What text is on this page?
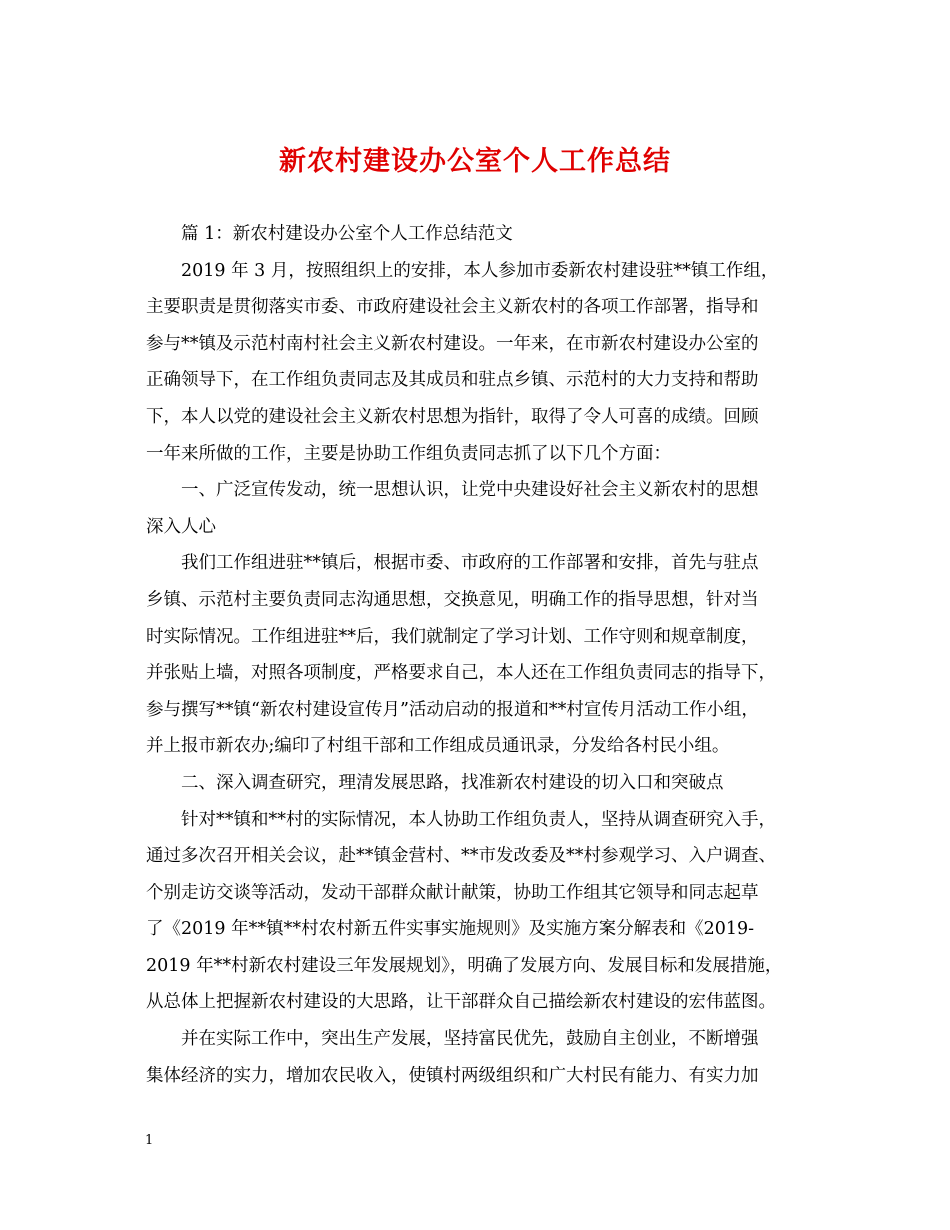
新农村建设办公室个人工作总结

篇 1：新农村建设办公室个人工作总结范文

2019 年 3 月，按照组织上的安排，本人参加市委新农村建设驻**镇工作组，

主要职责是贯彻落实市委、市政府建设社会主义新农村的各项工作部署，指导和

参与**镇及示范村南村社会主义新农村建设。一年来，在市新农村建设办公室的

正确领导下，在工作组负责同志及其成员和驻点乡镇、示范村的大力支持和帮助

下，本人以党的建设社会主义新农村思想为指针，取得了令人可喜的成绩。回顾

一年来所做的工作，主要是协助工作组负责同志抓了以下几个方面：

一、广泛宣传发动，统一思想认识，让党中央建设好社会主义新农村的思想

深入人心

我们工作组进驻**镇后，根据市委、市政府的工作部署和安排，首先与驻点

乡镇、示范村主要负责同志沟通思想，交换意见，明确工作的指导思想，针对当

时实际情况。工作组进驻**后，我们就制定了学习计划、工作守则和规章制度，

并张贴上墙，对照各项制度，严格要求自己，本人还在工作组负责同志的指导下，

参与撰写**镇“新农村建设宣传月”活动启动的报道和**村宣传月活动工作小组，

并上报市新农办;编印了村组干部和工作组成员通讯录，分发给各村民小组。

二、深入调查研究，理清发展思路，找准新农村建设的切入口和突破点

针对**镇和**村的实际情况，本人协助工作组负责人，坚持从调查研究入手，

通过多次召开相关会议，赴**镇金营村、**市发改委及**村参观学习、入户调查、

个别走访交谈等活动，发动干部群众献计献策，协助工作组其它领导和同志起草

了《2019 年**镇**村农村新五件实事实施规则》及实施方案分解表和《2019-

2019 年**村新农村建设三年发展规划》，明确了发展方向、发展目标和发展措施，

从总体上把握新农村建设的大思路，让干部群众自己描绘新农村建设的宏伟蓝图。

并在实际工作中，突出生产发展，坚持富民优先，鼓励自主创业，不断增强

集体经济的实力，增加农民收入，使镇村两级组织和广大村民有能力、有实力加

1
